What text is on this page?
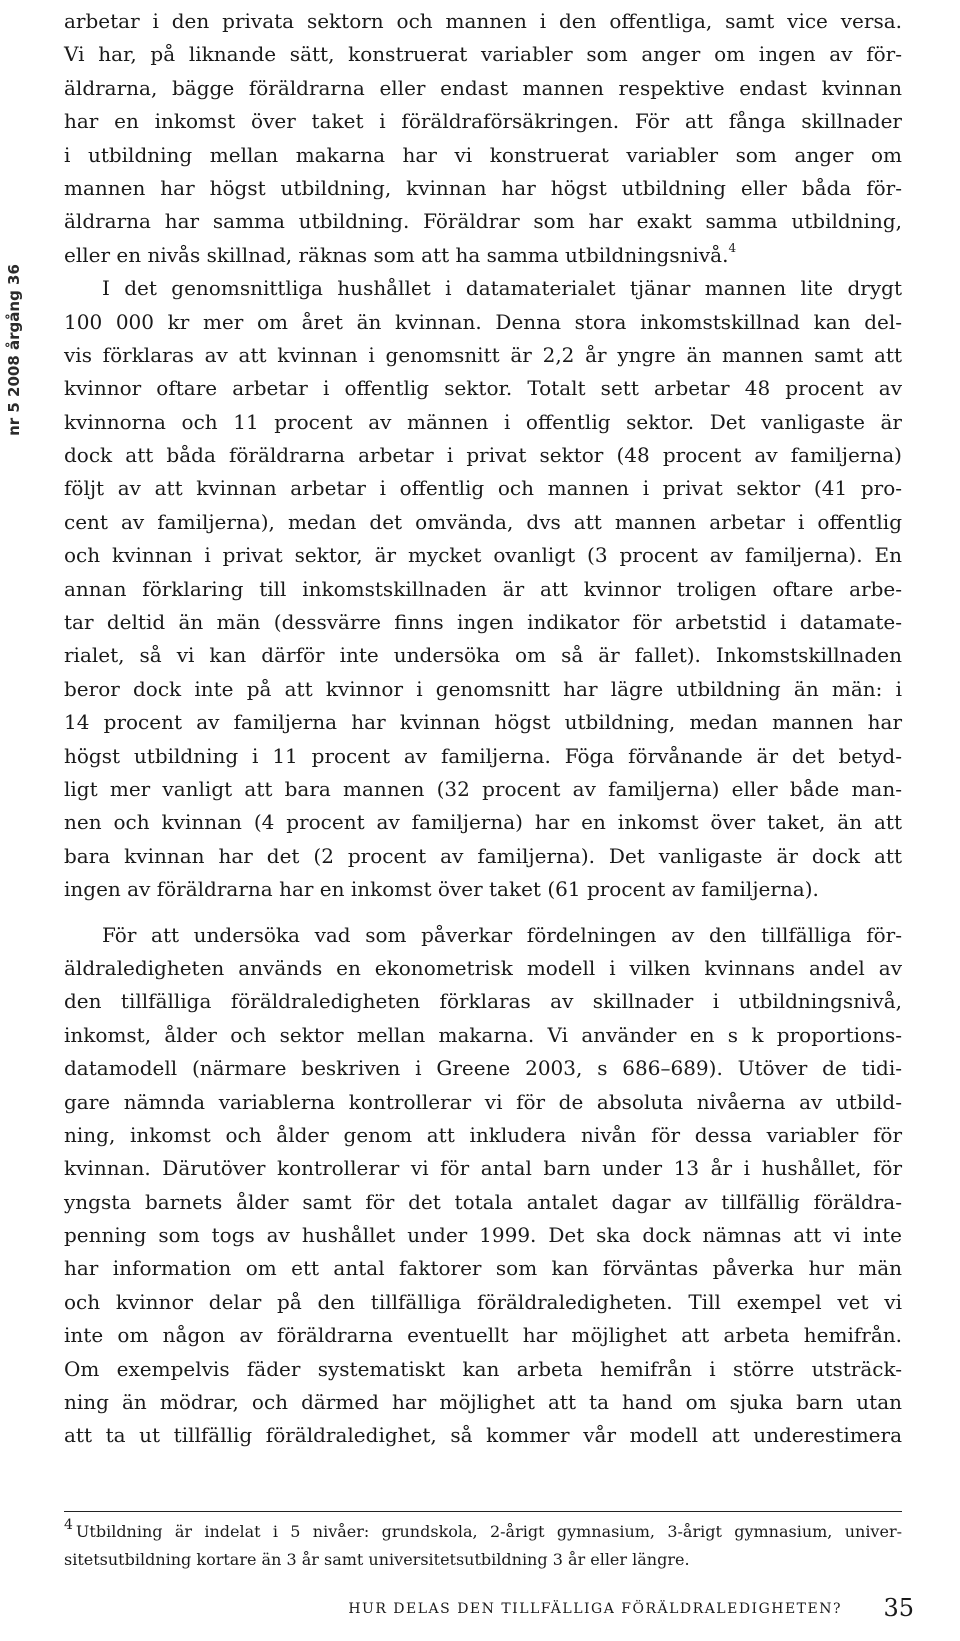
nr 5 2008 årgång 36
arbetar i den privata sektorn och mannen i den offentliga, samt vice versa.
Vi har, på liknande sätt, konstruerat variabler som anger om ingen av för-
äldrarna, bägge föräldrarna eller endast mannen respektive endast kvinnan
har en inkomst över taket i föräldraförsäkringen. För att fånga skillnader
i utbildning mellan makarna har vi konstruerat variabler som anger om
mannen har högst utbildning, kvinnan har högst utbildning eller båda för-
äldrarna har samma utbildning. Föräldrar som har exakt samma utbildning,
eller en nivås skillnad, räknas som att ha samma utbildningsnivå.$^4$
I det genomsnittliga hushållet i datamaterialet tjänar mannen lite drygt
100 000 kr mer om året än kvinnan. Denna stora inkomstskillnad kan del-
vis förklaras av att kvinnan i genomsnitt är 2,2 år yngre än mannen samt att
kvinnor oftare arbetar i offentlig sektor. Totalt sett arbetar 48 procent av
kvinnorna och 11 procent av männen i offentlig sektor. Det vanligaste är
dock att båda föräldrarna arbetar i privat sektor (48 procent av familjerna)
följt av att kvinnan arbetar i offentlig och mannen i privat sektor (41 pro-
cent av familjerna), medan det omvända, dvs att mannen arbetar i offentlig
och kvinnan i privat sektor, är mycket ovanligt (3 procent av familjerna). En
annan förklaring till inkomstskillnaden är att kvinnor troligen oftare arbe-
tar deltid än män (dessvärre finns ingen indikator för arbetstid i datamate-
rialet, så vi kan därför inte undersöka om så är fallet). Inkomstskillnaden
beror dock inte på att kvinnor i genomsnitt har lägre utbildning än män: i
14 procent av familjerna har kvinnan högst utbildning, medan mannen har
högst utbildning i 11 procent av familjerna. Föga förvånande är det betyd-
ligt mer vanligt att bara mannen (32 procent av familjerna) eller både man-
nen och kvinnan (4 procent av familjerna) har en inkomst över taket, än att
bara kvinnan har det (2 procent av familjerna). Det vanligaste är dock att
ingen av föräldrarna har en inkomst över taket (61 procent av familjerna).
För att undersöka vad som påverkar fördelningen av den tillfälliga för-
äldraledigheten används en ekonometrisk modell i vilken kvinnans andel av
den tillfälliga föräldraledigheten förklaras av skillnader i utbildningsnivå,
inkomst, ålder och sektor mellan makarna. Vi använder en s k proportions-
datamodell (närmare beskriven i Greene 2003, s 686–689). Utöver de tidi-
gare nämnda variablerna kontrollerar vi för de absoluta nivåerna av utbild-
ning, inkomst och ålder genom att inkludera nivån för dessa variabler för
kvinnan. Därutöver kontrollerar vi för antal barn under 13 år i hushållet, för
yngsta barnets ålder samt för det totala antalet dagar av tillfällig föräldra-
penning som togs av hushållet under 1999. Det ska dock nämnas att vi inte
har information om ett antal faktorer som kan förväntas påverka hur män
och kvinnor delar på den tillfälliga föräldraledigheten. Till exempel vet vi
inte om någon av föräldrarna eventuellt har möjlighet att arbeta hemifrån.
Om exempelvis fäder systematiskt kan arbeta hemifrån i större utsträck-
ning än mödrar, och därmed har möjlighet att ta hand om sjuka barn utan
att ta ut tillfällig föräldraledighet, så kommer vår modell att underestimera
$^4$ Utbildning är indelat i 5 nivåer: grundskola, 2-årigt gymnasium, 3-årigt gymnasium, univer-
sitetsutbildning kortare än 3 år samt universitetsutbildning 3 år eller längre.
HUR DELAS DEN TILLFÄLLIGA FÖRÄLDRALEDIGHETEN? 35
